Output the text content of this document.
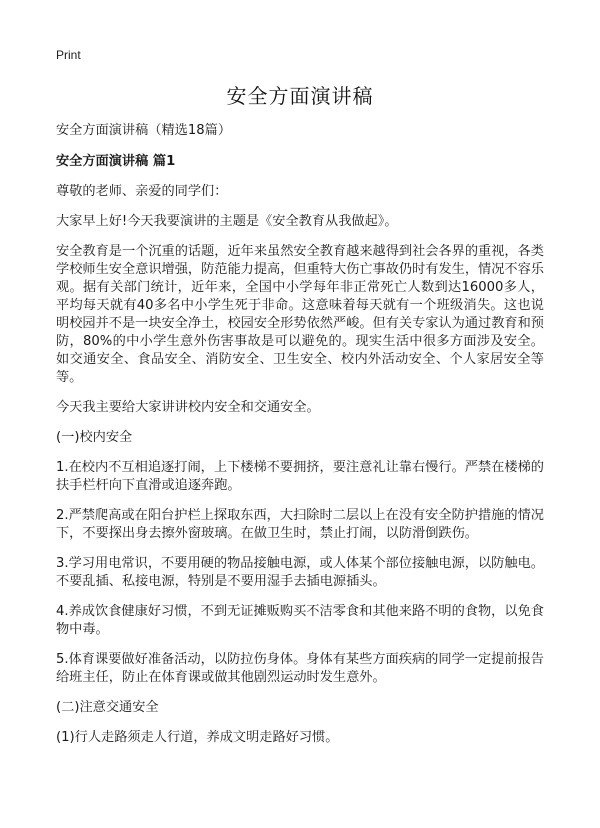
Print
安全方面演讲稿

安全方面演讲稿（精选18篇）

安全方面演讲稿 篇1

尊敬的老师、亲爱的同学们：

大家早上好!今天我要演讲的主题是《安全教育从我做起》。

安全教育是一个沉重的话题，近年来虽然安全教育越来越得到社会各界的重视，各类学校师生安全意识增强，防范能力提高，但重特大伤亡事故仍时有发生，情况不容乐观。据有关部门统计，近年来，全国中小学每年非正常死亡人数到达16000多人，平均每天就有40多名中小学生死于非命。这意味着每天就有一个班级消失。这也说明校园并不是一块安全净土，校园安全形势依然严峻。但有关专家认为通过教育和预防，80%的中小学生意外伤害事故是可以避免的。现实生活中很多方面涉及安全。如交通安全、食品安全、消防安全、卫生安全、校内外活动安全、个人家居安全等等。

今天我主要给大家讲讲校内安全和交通安全。

(一)校内安全

1.在校内不互相追逐打闹，上下楼梯不要拥挤，要注意礼让靠右慢行。严禁在楼梯的扶手栏杆向下直滑或追逐奔跑。

2.严禁爬高或在阳台护栏上探取东西，大扫除时二层以上在没有安全防护措施的情况下，不要探出身去擦外窗玻璃。在做卫生时，禁止打闹，以防滑倒跌伤。

3.学习用电常识，不要用硬的物品接触电源，或人体某个部位接触电源，以防触电。不要乱插、私接电源，特别是不要用湿手去插电源插头。

4.养成饮食健康好习惯，不到无证摊贩购买不洁零食和其他来路不明的食物，以免食物中毒。

5.体育课要做好准备活动，以防拉伤身体。身体有某些方面疾病的同学一定提前报告给班主任，防止在体育课或做其他剧烈运动时发生意外。

(二)注意交通安全

(1)行人走路须走人行道，养成文明走路好习惯。
